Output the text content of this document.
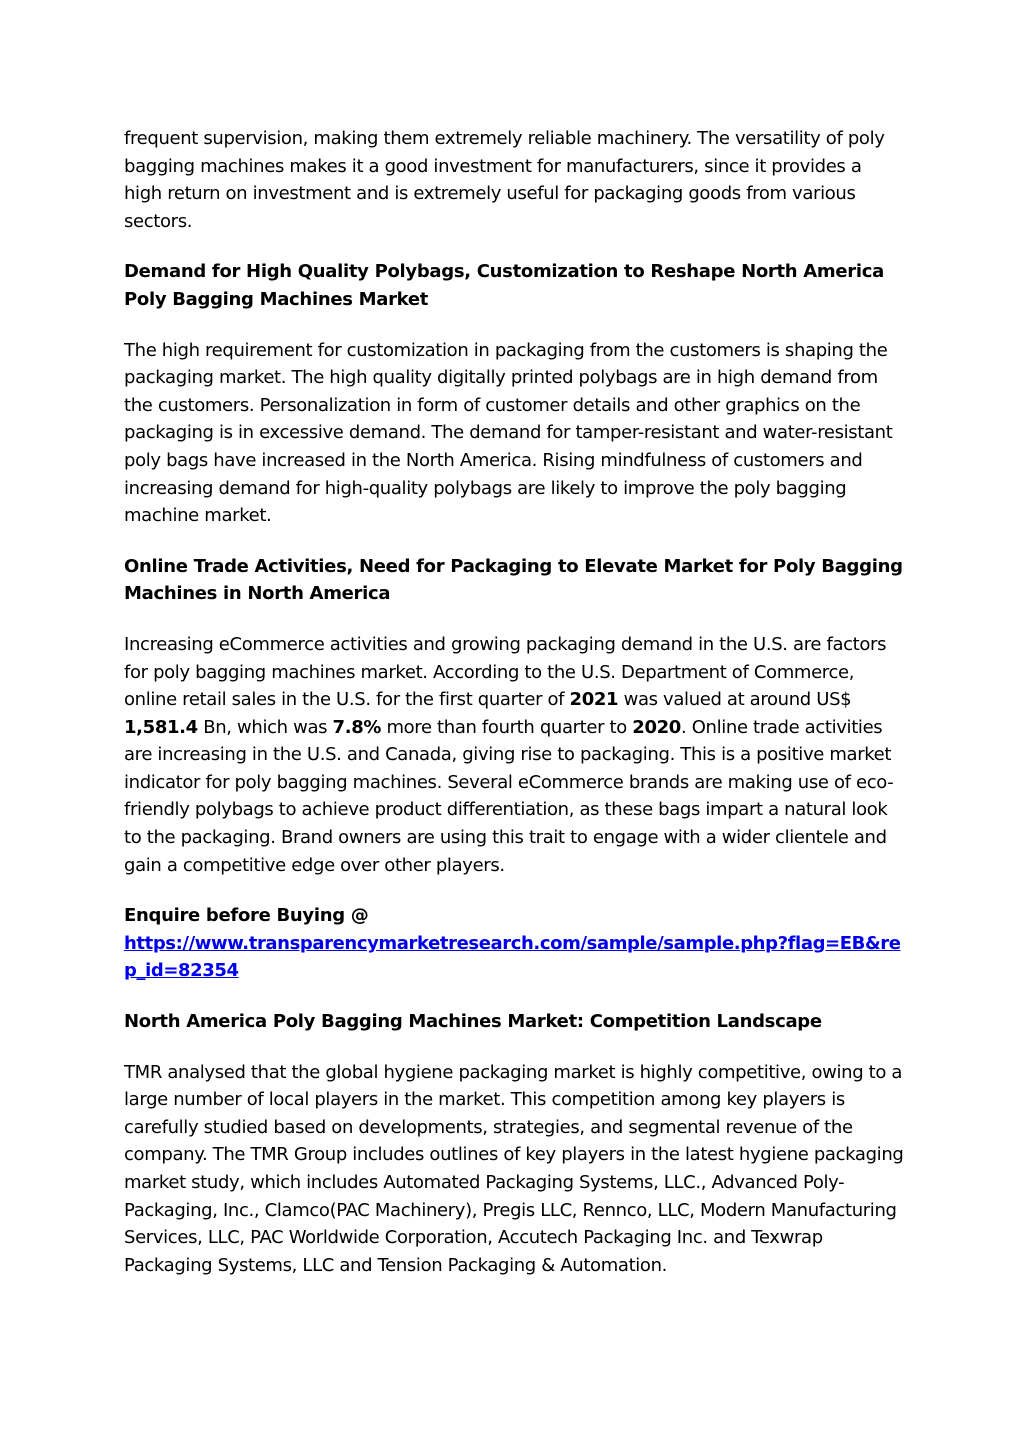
frequent supervision, making them extremely reliable machinery. The versatility of poly bagging machines makes it a good investment for manufacturers, since it provides a high return on investment and is extremely useful for packaging goods from various sectors.

Demand for High Quality Polybags, Customization to Reshape North America Poly Bagging Machines Market

The high requirement for customization in packaging from the customers is shaping the packaging market. The high quality digitally printed polybags are in high demand from the customers. Personalization in form of customer details and other graphics on the packaging is in excessive demand. The demand for tamper-resistant and water-resistant poly bags have increased in the North America. Rising mindfulness of customers and increasing demand for high-quality polybags are likely to improve the poly bagging machine market.

Online Trade Activities, Need for Packaging to Elevate Market for Poly Bagging Machines in North America

Increasing eCommerce activities and growing packaging demand in the U.S. are factors for poly bagging machines market. According to the U.S. Department of Commerce, online retail sales in the U.S. for the first quarter of 2021 was valued at around US$ 1,581.4 Bn, which was 7.8% more than fourth quarter to 2020. Online trade activities are increasing in the U.S. and Canada, giving rise to packaging. This is a positive market indicator for poly bagging machines. Several eCommerce brands are making use of eco-friendly polybags to achieve product differentiation, as these bags impart a natural look to the packaging. Brand owners are using this trait to engage with a wider clientele and gain a competitive edge over other players.

Enquire before Buying @

https://www.transparencymarketresearch.com/sample/sample.php?flag=EB&rep_id=82354

North America Poly Bagging Machines Market: Competition Landscape

TMR analysed that the global hygiene packaging market is highly competitive, owing to a large number of local players in the market. This competition among key players is carefully studied based on developments, strategies, and segmental revenue of the company. The TMR Group includes outlines of key players in the latest hygiene packaging market study, which includes Automated Packaging Systems, LLC., Advanced Poly-Packaging, Inc., Clamco(PAC Machinery), Pregis LLC, Rennco, LLC, Modern Manufacturing Services, LLC, PAC Worldwide Corporation, Accutech Packaging Inc. and Texwrap Packaging Systems, LLC and Tension Packaging & Automation.
